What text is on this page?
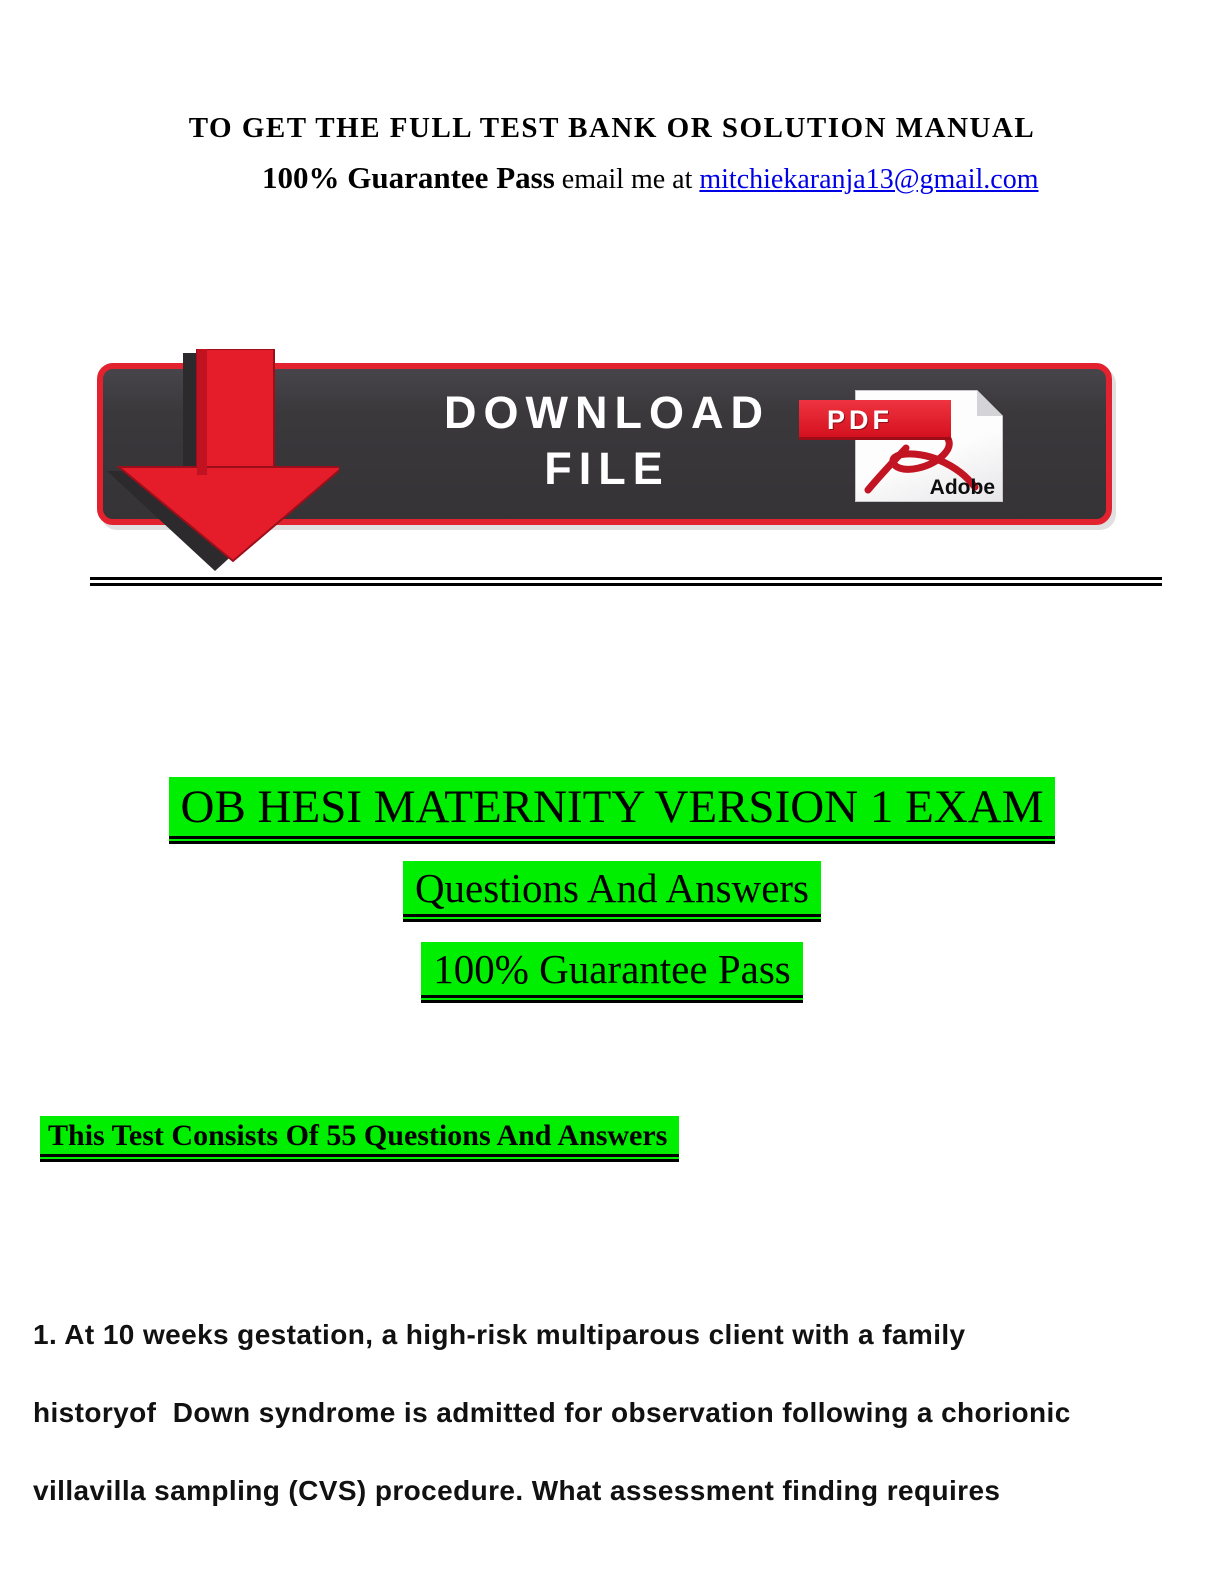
TO GET THE FULL TEST BANK OR SOLUTION MANUAL
100% Guarantee Pass email me at mitchiekaranja13@gmail.com
DOWNLOAD
FILE	Adobe
PDF
OB HESI MATERNITY VERSION 1 EXAM
Questions And Answers
100% Guarantee Pass
This Test Consists Of 55 Questions And Answers
1. At 10 weeks gestation, a high-risk multiparous client with a family
historyof  Down syndrome is admitted for observation following a chorionic
villavilla sampling (CVS) procedure. What assessment finding requires
